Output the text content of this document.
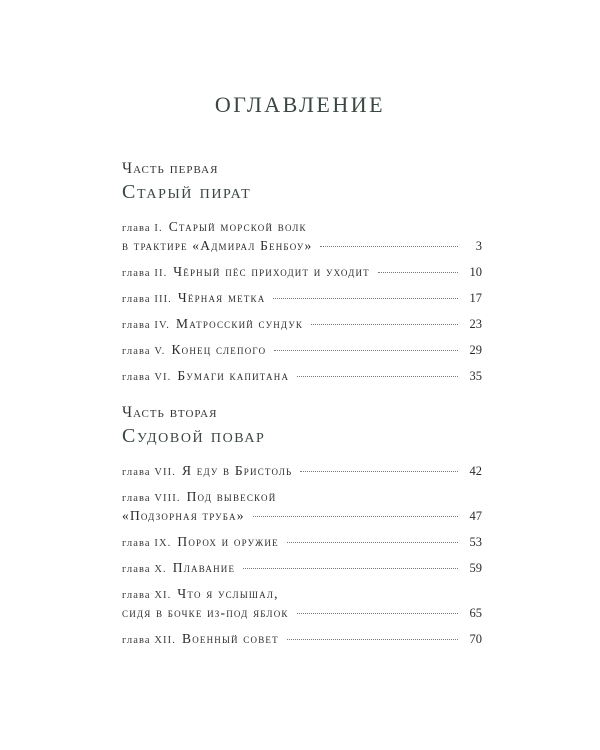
ОГЛАВЛЕНИЕ
Часть первая
Старый пират
глава I. Старый морской волк
в трактире «Адмирал Бенбоу»	3
глава II. Чёрный пёс приходит и уходит	10
глава III. Чёрная метка	17
глава IV. Матросский сундук	23
глава V. Конец слепого	29
глава VI. Бумаги капитана	35
Часть вторая
Судовой повар
глава VII. Я еду в Бристоль	42
глава VIII. Под вывеской
«Подзорная труба»	47
глава IX. Порох и оружие	53
глава X. Плавание	59
глава XI. Что я услышал,
сидя в бочке из-под яблок	65
глава XII. Военный совет	70
